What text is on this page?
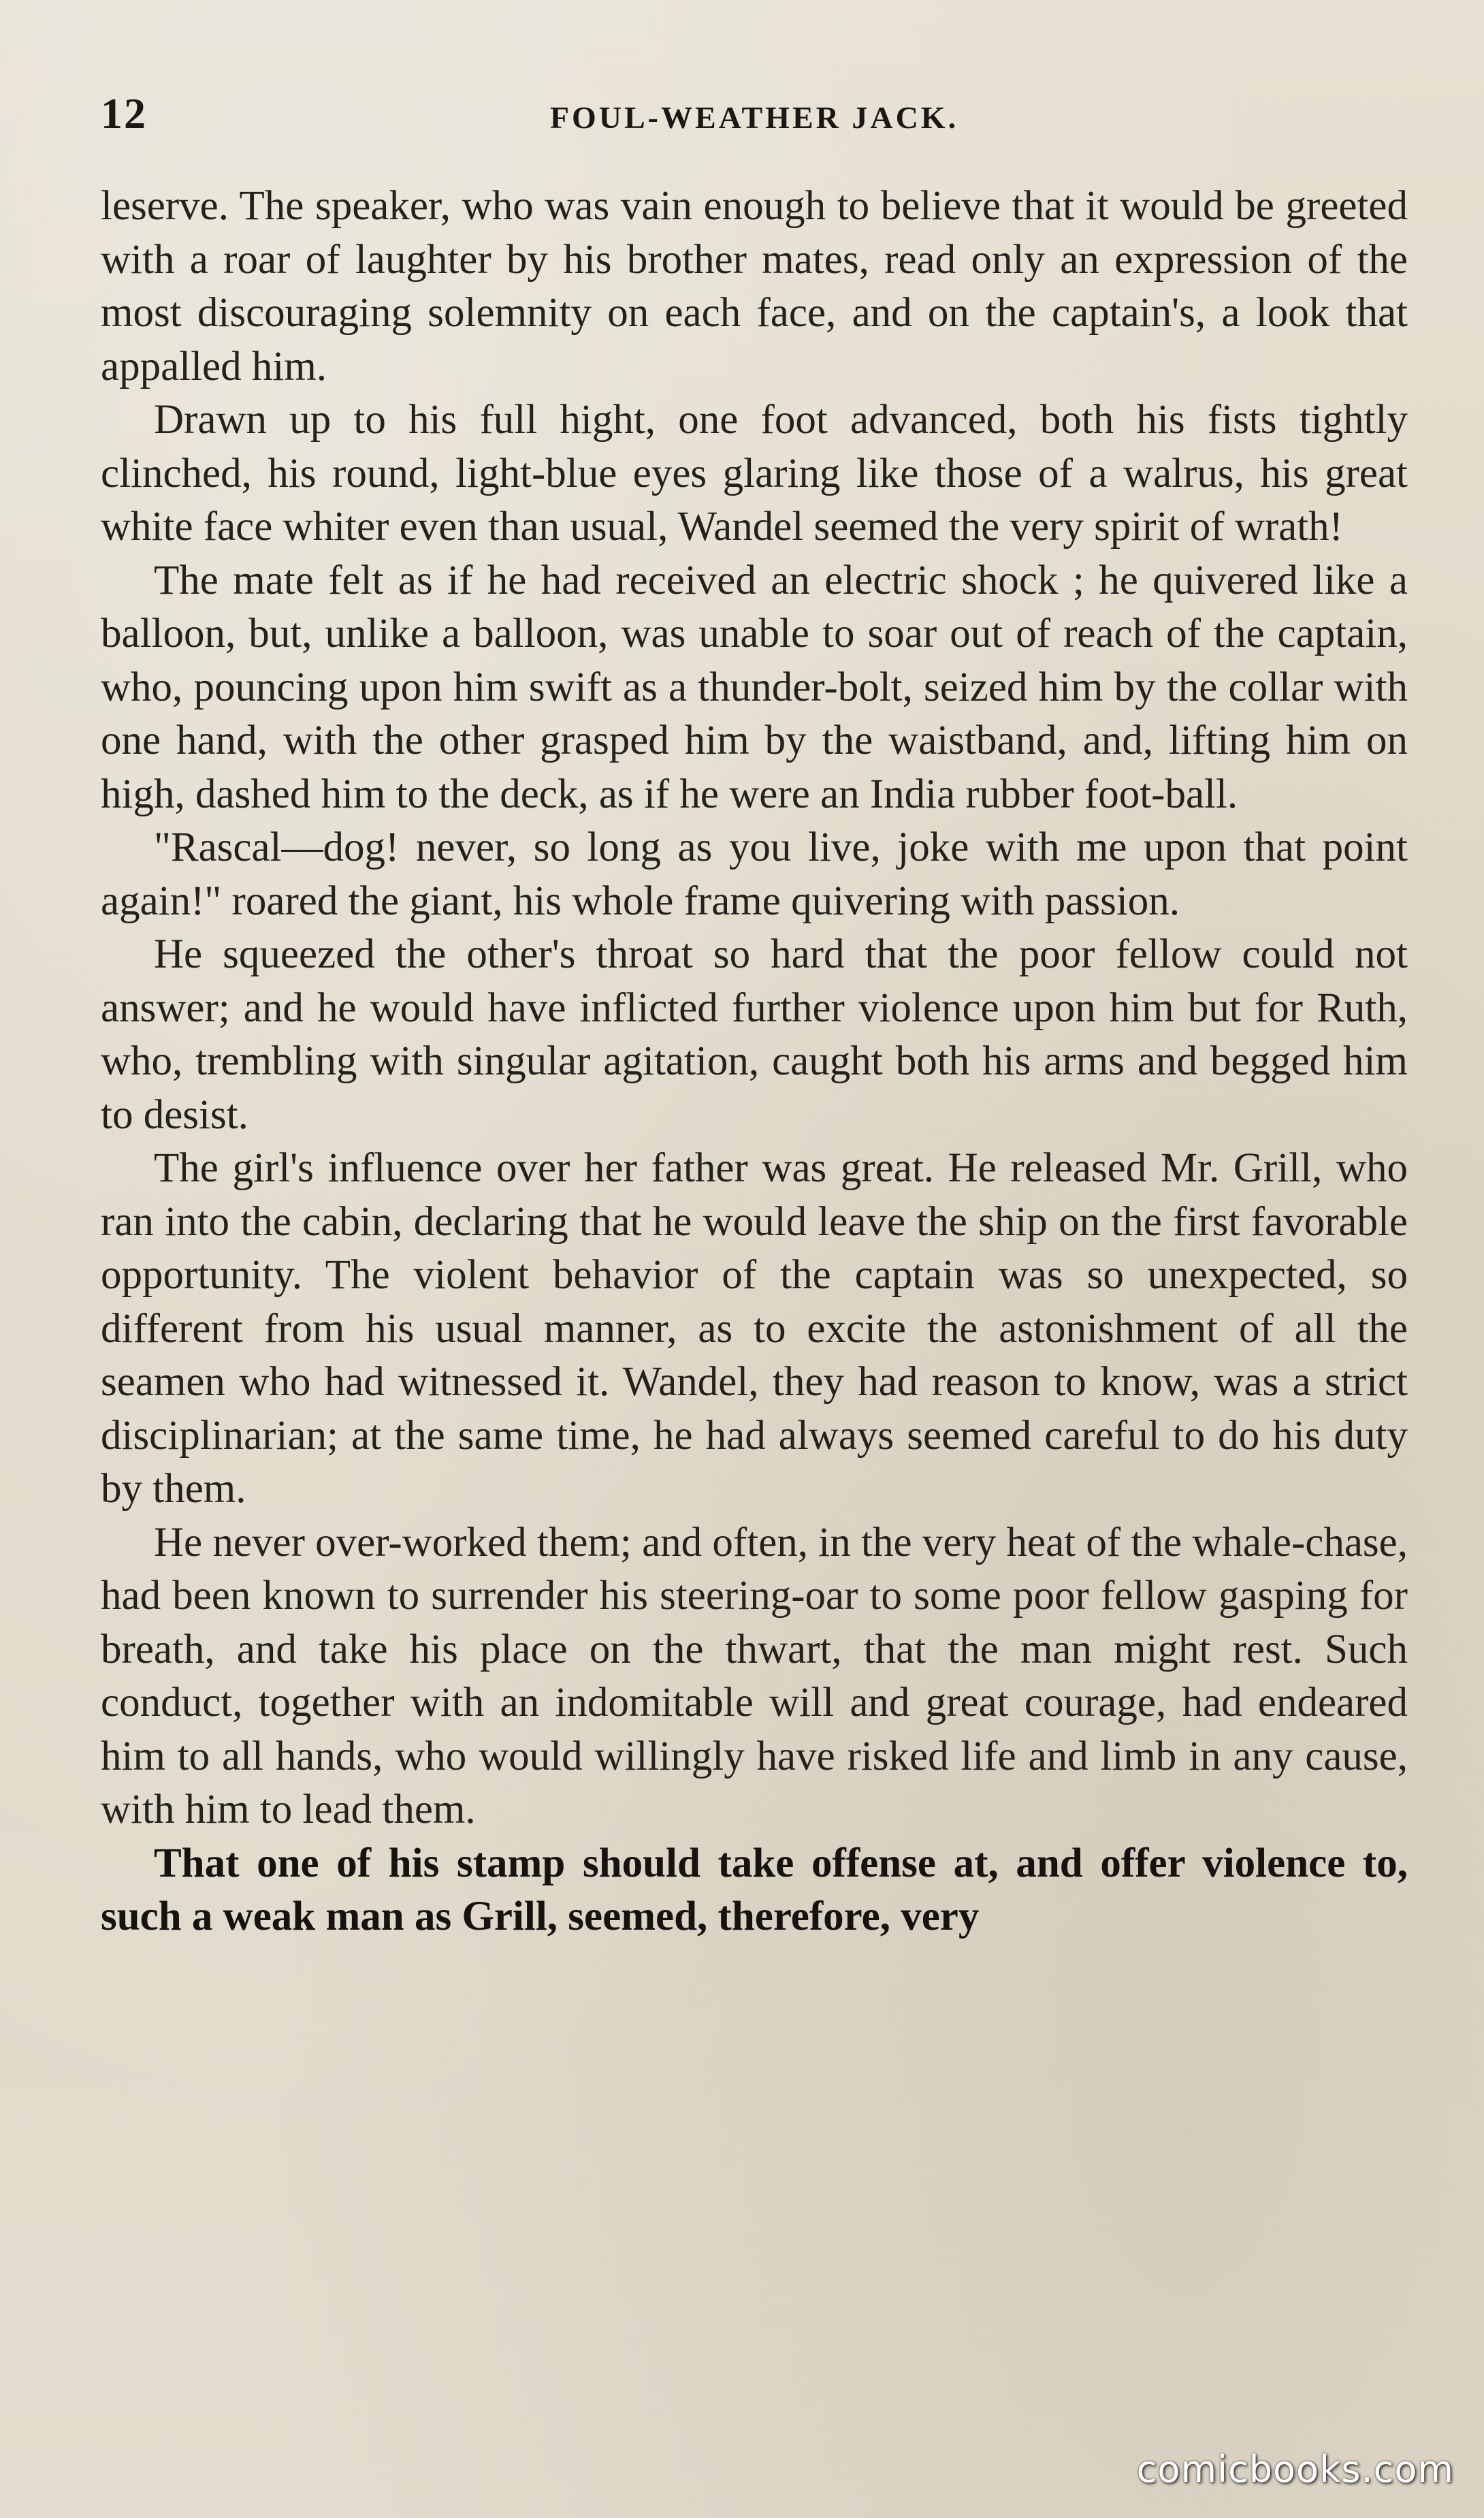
12	FOUL-WEATHER JACK.

leserve. The speaker, who was vain enough to believe that it would be greeted with a roar of laughter by his brother mates, read only an expression of the most discouraging solemnity on each face, and on the captain's, a look that appalled him.

Drawn up to his full hight, one foot advanced, both his fists tightly clinched, his round, light-blue eyes glaring like those of a walrus, his great white face whiter even than usual, Wandel seemed the very spirit of wrath!

The mate felt as if he had received an electric shock ; he quivered like a balloon, but, unlike a balloon, was unable to soar out of reach of the captain, who, pouncing upon him swift as a thunder-bolt, seized him by the collar with one hand, with the other grasped him by the waistband, and, lifting him on high, dashed him to the deck, as if he were an India rubber foot-ball.

"Rascal—dog! never, so long as you live, joke with me upon that point again!" roared the giant, his whole frame quivering with passion.

He squeezed the other's throat so hard that the poor fellow could not answer; and he would have inflicted further violence upon him but for Ruth, who, trembling with singular agitation, caught both his arms and begged him to desist.

The girl's influence over her father was great. He released Mr. Grill, who ran into the cabin, declaring that he would leave the ship on the first favorable opportunity. The violent behavior of the captain was so unexpected, so different from his usual manner, as to excite the astonishment of all the seamen who had witnessed it. Wandel, they had reason to know, was a strict disciplinarian; at the same time, he had always seemed careful to do his duty by them.

He never over-worked them; and often, in the very heat of the whale-chase, had been known to surrender his steering-oar to some poor fellow gasping for breath, and take his place on the thwart, that the man might rest. Such conduct, together with an indomitable will and great courage, had endeared him to all hands, who would willingly have risked life and limb in any cause, with him to lead them.

That one of his stamp should take offense at, and offer violence to, such a weak man as Grill, seemed, therefore, very

comicbooks.com
